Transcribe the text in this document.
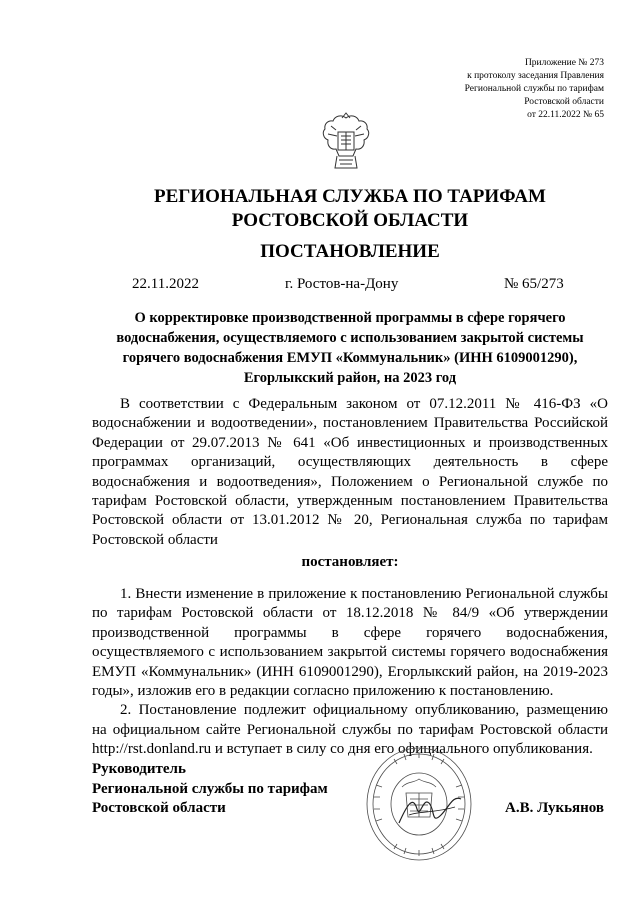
Приложение № 273
к протоколу заседания Правления
Региональной службы по тарифам
Ростовской области
от 22.11.2022 № 65
РЕГИОНАЛЬНАЯ СЛУЖБА ПО ТАРИФАМ
РОСТОВСКОЙ ОБЛАСТИ
ПОСТАНОВЛЕНИЕ
22.11.2022	г. Ростов-на-Дону	№ 65/273
О корректировке производственной программы в сфере горячего
водоснабжения, осуществляемого с использованием закрытой системы
горячего водоснабжения ЕМУП «Коммунальник» (ИНН 6109001290),
Егорлыкский район, на 2023 год

В соответствии с Федеральным законом от 07.12.2011 № 416-ФЗ «О водоснабжении и водоотведении», постановлением Правительства Российской Федерации от 29.07.2013 № 641 «Об инвестиционных и производственных программах организаций, осуществляющих деятельность в сфере водоснабжения и водоотведения», Положением о Региональной службе по тарифам Ростовской области, утвержденным постановлением Правительства Ростовской области от 13.01.2012 № 20, Региональная служба по тарифам Ростовской области

постановляет:

1. Внести изменение в приложение к постановлению Региональной службы по тарифам Ростовской области от 18.12.2018 № 84/9 «Об утверждении производственной программы в сфере горячего водоснабжения, осуществляемого с использованием закрытой системы горячего водоснабжения ЕМУП «Коммунальник» (ИНН 6109001290), Егорлыкский район, на 2019-2023 годы», изложив его в редакции согласно приложению к постановлению.

2. Постановление подлежит официальному опубликованию, размещению на официальном сайте Региональной службы по тарифам Ростовской области http://rst.donland.ru и вступает в силу со дня его официального опубликования.

Руководитель
Региональной службы по тарифам
Ростовской области	А.В. Лукьянов
